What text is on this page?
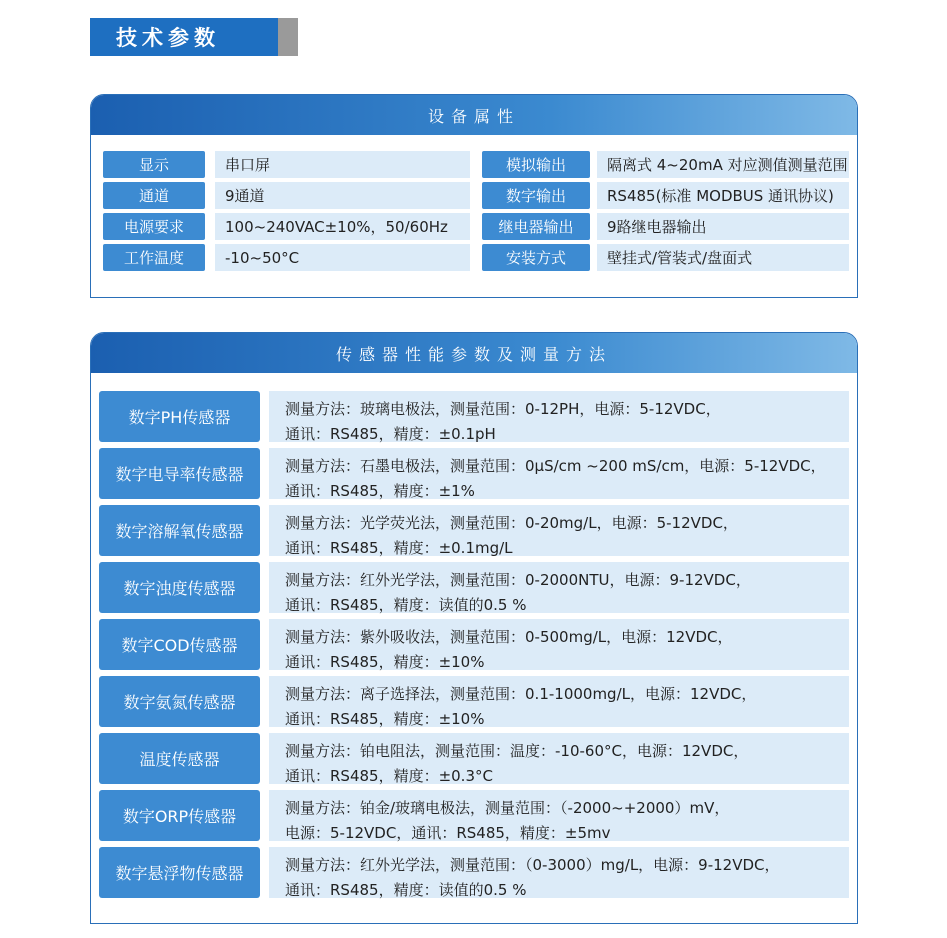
技术参数
设备属性
显示	串口屏	模拟输出	隔离式 4~20mA 对应测值测量范围
通道	9通道	数字输出	RS485(标准 MODBUS 通讯协议)
电源要求	100~240VAC±10%，50/60Hz	继电器输出	9路继电器输出
工作温度	-10~50°C	安装方式	壁挂式/管装式/盘面式
传感器性能参数及测量方法
数字PH传感器	测量方法：玻璃电极法，测量范围：0-12PH，电源：5-12VDC，
通讯：RS485，精度：±0.1pH
数字电导率传感器	测量方法：石墨电极法，测量范围：0μS/cm ~200 mS/cm，电源：5-12VDC，
通讯：RS485，精度：±1%
数字溶解氧传感器	测量方法：光学荧光法，测量范围：0-20mg/L，电源：5-12VDC，
通讯：RS485，精度：±0.1mg/L
数字浊度传感器	测量方法：红外光学法，测量范围：0-2000NTU，电源：9-12VDC，
通讯：RS485，精度：读值的0.5 %
数字COD传感器	测量方法：紫外吸收法，测量范围：0-500mg/L，电源：12VDC，
通讯：RS485，精度：±10%
数字氨氮传感器	测量方法：离子选择法，测量范围：0.1-1000mg/L，电源：12VDC，
通讯：RS485，精度：±10%
温度传感器	测量方法：铂电阻法，测量范围：温度：-10-60°C，电源：12VDC，
通讯：RS485，精度：±0.3°C
数字ORP传感器	测量方法：铂金/玻璃电极法，测量范围：（-2000~+2000）mV，
电源：5-12VDC，通讯：RS485，精度：±5mv
数字悬浮物传感器	测量方法：红外光学法，测量范围：（0-3000）mg/L，电源：9-12VDC，
通讯：RS485，精度：读值的0.5 %
